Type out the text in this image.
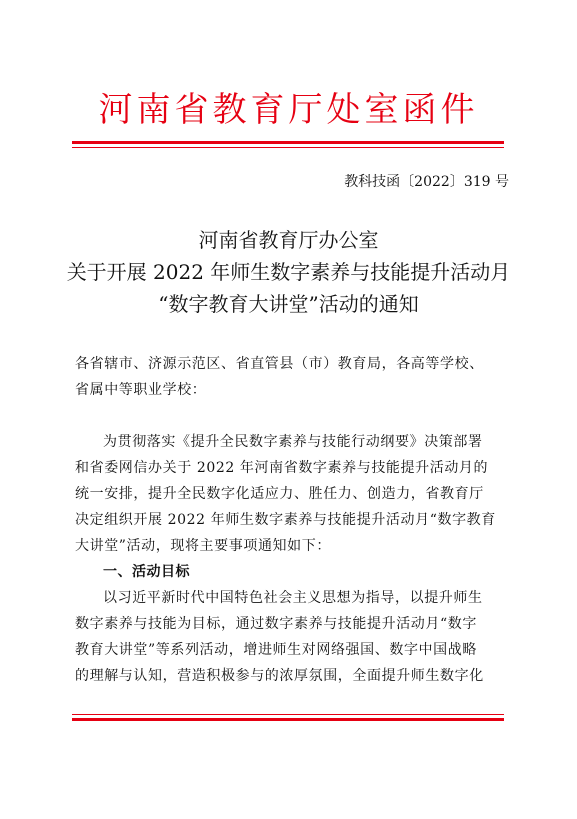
河南省教育厅处室函件
教科技函〔2022〕319 号
河南省教育厅办公室
关于开展 2022 年师生数字素养与技能提升活动月
“数字教育大讲堂”活动的通知
各省辖市、济源示范区、省直管县（市）教育局，各高等学校、
省属中等职业学校：
为贯彻落实《提升全民数字素养与技能行动纲要》决策部署
和省委网信办关于 2022 年河南省数字素养与技能提升活动月的
统一安排，提升全民数字化适应力、胜任力、创造力，省教育厅
决定组织开展 2022 年师生数字素养与技能提升活动月“数字教育
大讲堂”活动，现将主要事项通知如下：
一、活动目标
以习近平新时代中国特色社会主义思想为指导，以提升师生
数字素养与技能为目标，通过数字素养与技能提升活动月“数字
教育大讲堂”等系列活动，增进师生对网络强国、数字中国战略
的理解与认知，营造积极参与的浓厚氛围，全面提升师生数字化
